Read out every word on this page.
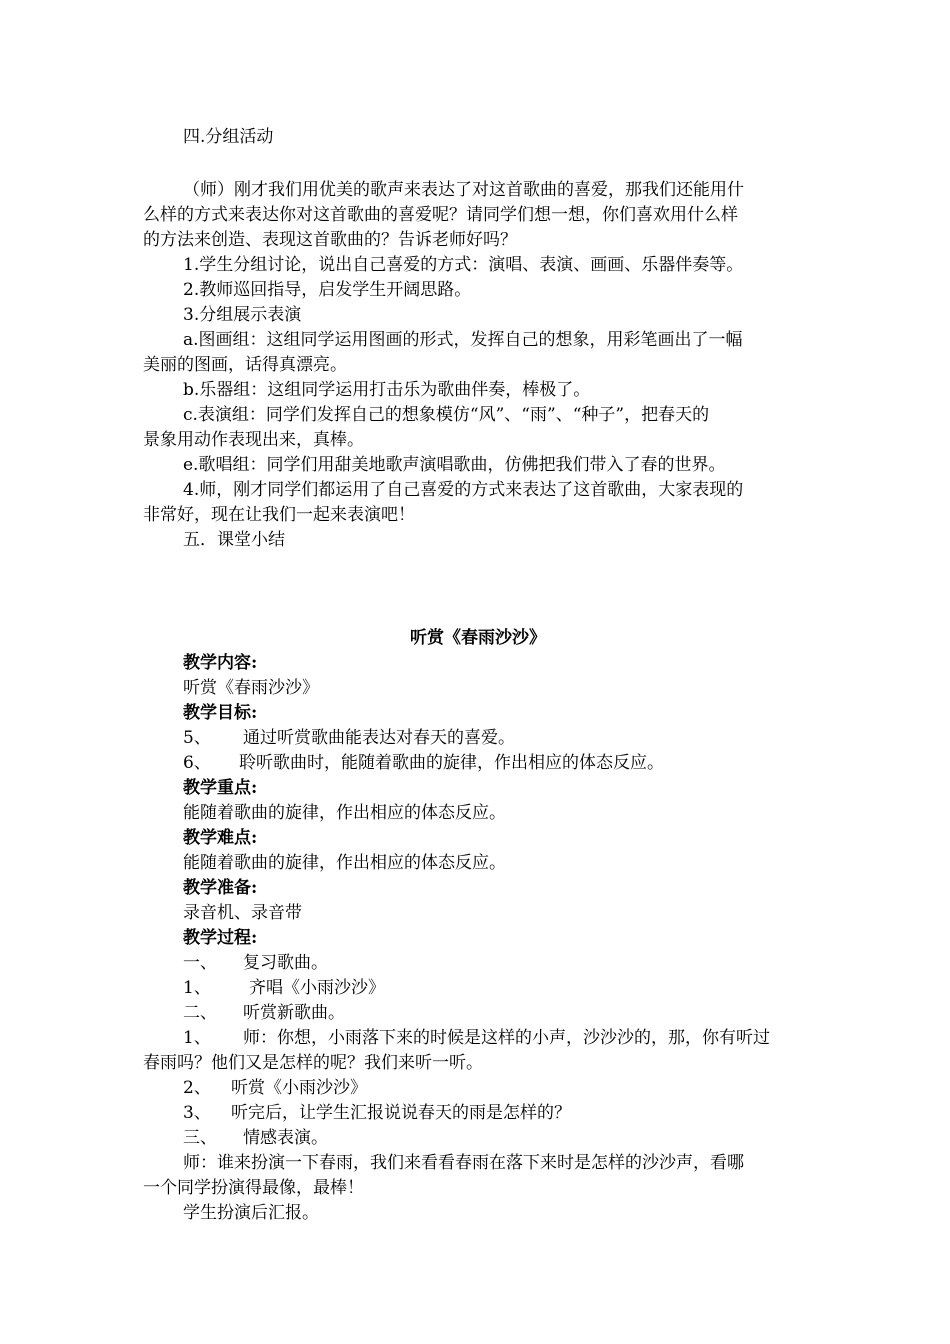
四.分组活动
（师）刚才我们用优美的歌声来表达了对这首歌曲的喜爱，那我们还能用什
么样的方式来表达你对这首歌曲的喜爱呢？请同学们想一想，你们喜欢用什么样
的方法来创造、表现这首歌曲的？告诉老师好吗？
1.学生分组讨论，说出自己喜爱的方式：演唱、表演、画画、乐器伴奏等。
2.教师巡回指导，启发学生开阔思路。
3.分组展示表演
a.图画组：这组同学运用图画的形式，发挥自己的想象，用彩笔画出了一幅
美丽的图画，话得真漂亮。
b.乐器组：这组同学运用打击乐为歌曲伴奏，棒极了。
c.表演组：同学们发挥自己的想象模仿“风”、“雨”、“种子”，把春天的
景象用动作表现出来，真棒。
e.歌唱组：同学们用甜美地歌声演唱歌曲，仿佛把我们带入了春的世界。
4.师，刚才同学们都运用了自己喜爱的方式来表达了这首歌曲，大家表现的
非常好，现在让我们一起来表演吧！
五．课堂小结
听赏《春雨沙沙》
教学内容:
听赏《春雨沙沙》
教学目标:
5、 通过听赏歌曲能表达对春天的喜爱。
6、 聆听歌曲时，能随着歌曲的旋律，作出相应的体态反应。
教学重点:
能随着歌曲的旋律，作出相应的体态反应。
教学难点:
能随着歌曲的旋律，作出相应的体态反应。
教学准备:
录音机、录音带
教学过程:
一、 复习歌曲。
1、 齐唱《小雨沙沙》
二、 听赏新歌曲。
1、 师：你想，小雨落下来的时候是这样的小声，沙沙沙的，那，你有听过
春雨吗？他们又是怎样的呢？我们来听一听。
2、 听赏《小雨沙沙》
3、 听完后，让学生汇报说说春天的雨是怎样的？
三、 情感表演。
师：谁来扮演一下春雨，我们来看看春雨在落下来时是怎样的沙沙声，看哪
一个同学扮演得最像，最棒！
学生扮演后汇报。
